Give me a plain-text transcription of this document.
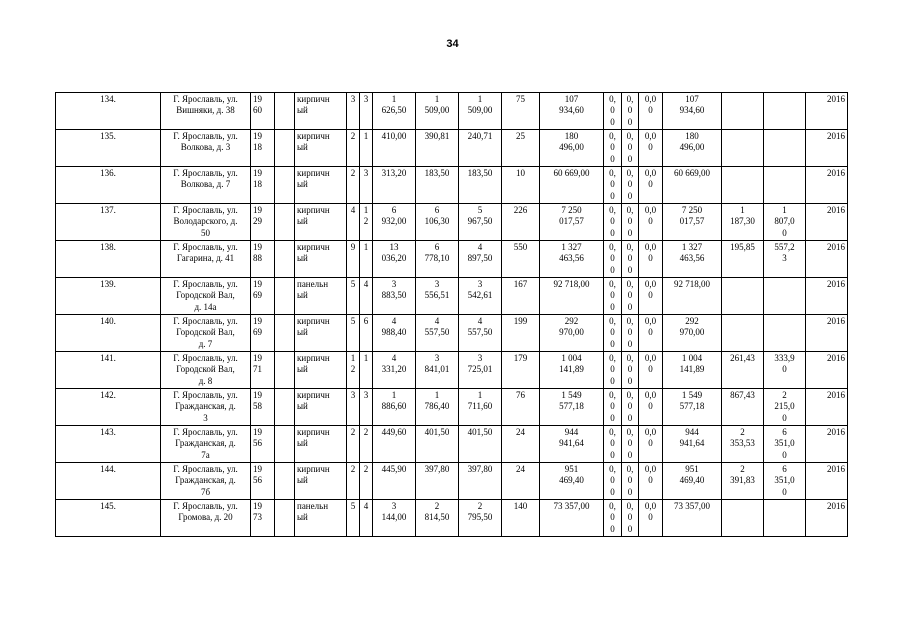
34
134.	Г. Ярославль, ул.
Вишняки, д. 38	19
60		кирпичн
ый	3	3	1
626,50	1
509,00	1
509,00	75	107
934,60	0,
0
0	0,
0
0	0,0
0	107
934,60			2016
135.	Г. Ярославль, ул.
Волкова, д. 3	19
18		кирпичн
ый	2	1	410,00	390,81	240,71	25	180
496,00	0,
0
0	0,
0
0	0,0
0	180
496,00			2016
136.	Г. Ярославль, ул.
Волкова, д. 7	19
18		кирпичн
ый	2	3	313,20	183,50	183,50	10	60 669,00	0,
0
0	0,
0
0	0,0
0	60 669,00			2016
137.	Г. Ярославль, ул.
Володарского, д.
50	19
29		кирпичн
ый	4	1
2	6
932,00	6
106,30	5
967,50	226	7 250
017,57	0,
0
0	0,
0
0	0,0
0	7 250
017,57	1
187,30	1
807,0
0	2016
138.	Г. Ярославль, ул.
Гагарина, д. 41	19
88		кирпичн
ый	9	1	13
036,20	6
778,10	4
897,50	550	1 327
463,56	0,
0
0	0,
0
0	0,0
0	1 327
463,56	195,85	557,2
3	2016
139.	Г. Ярославль, ул.
Городской Вал,
д. 14а	19
69		панельн
ый	5	4	3
883,50	3
556,51	3
542,61	167	92 718,00	0,
0
0	0,
0
0	0,0
0	92 718,00			2016
140.	Г. Ярославль, ул.
Городской Вал,
д. 7	19
69		кирпичн
ый	5	6	4
988,40	4
557,50	4
557,50	199	292
970,00	0,
0
0	0,
0
0	0,0
0	292
970,00			2016
141.	Г. Ярославль, ул.
Городской Вал,
д. 8	19
71		кирпичн
ый	1
2	1	4
331,20	3
841,01	3
725,01	179	1 004
141,89	0,
0
0	0,
0
0	0,0
0	1 004
141,89	261,43	333,9
0	2016
142.	Г. Ярославль, ул.
Гражданская, д.
3	19
58		кирпичн
ый	3	3	1
886,60	1
786,40	1
711,60	76	1 549
577,18	0,
0
0	0,
0
0	0,0
0	1 549
577,18	867,43	2
215,0
0	2016
143.	Г. Ярославль, ул.
Гражданская, д.
7а	19
56		кирпичн
ый	2	2	449,60	401,50	401,50	24	944
941,64	0,
0
0	0,
0
0	0,0
0	944
941,64	2
353,53	6
351,0
0	2016
144.	Г. Ярославль, ул.
Гражданская, д.
7б	19
56		кирпичн
ый	2	2	445,90	397,80	397,80	24	951
469,40	0,
0
0	0,
0
0	0,0
0	951
469,40	2
391,83	6
351,0
0	2016
145.	Г. Ярославль, ул.
Громова, д. 20	19
73		панельн
ый	5	4	3
144,00	2
814,50	2
795,50	140	73 357,00	0,
0
0	0,
0
0	0,0
0	73 357,00			2016
